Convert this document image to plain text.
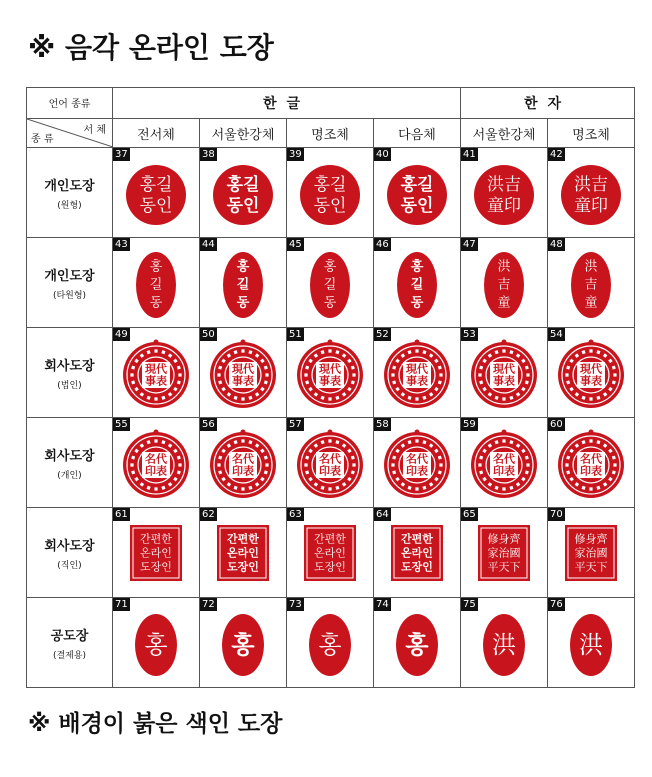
※ 음각 온라인 도장
언어 종류	한글				한자	

서 체
종 류	전서체	서울한강체	명조체	다음체	서울한강체	명조체

개인도장
(원형)	37
홍길
동인	38
홍길
동인	39
홍길
동인	40
홍길
동인	41
洪吉
童印	42
洪吉
童印

개인도장
(타원형)	43
홍
길
동	44
홍
길
동	45
홍
길
동	46
홍
길
동	47
洪
吉
童	48
洪
吉
童

회사도장
(법인)	49
現代
事表	50
現代
事表	51
現代
事表	52
現代
事表	53
現代
事表	54
現代
事表

회사도장
(개인)	55
名代
印表	56
名代
印表	57
名代
印表	58
名代
印表	59
名代
印表	60
名代
印表

회사도장
(직인)	61
간편한
온라인
도장인	62
간편한
온라인
도장인	63
간편한
온라인
도장인	64
간편한
온라인
도장인	65
修身齊
家治國
平天下	70
修身齊
家治國
平天下

공도장
(결제용)	71
홍	72
홍	73
홍	74
홍	75
洪	76
洪
※ 배경이 붉은 색인 도장
